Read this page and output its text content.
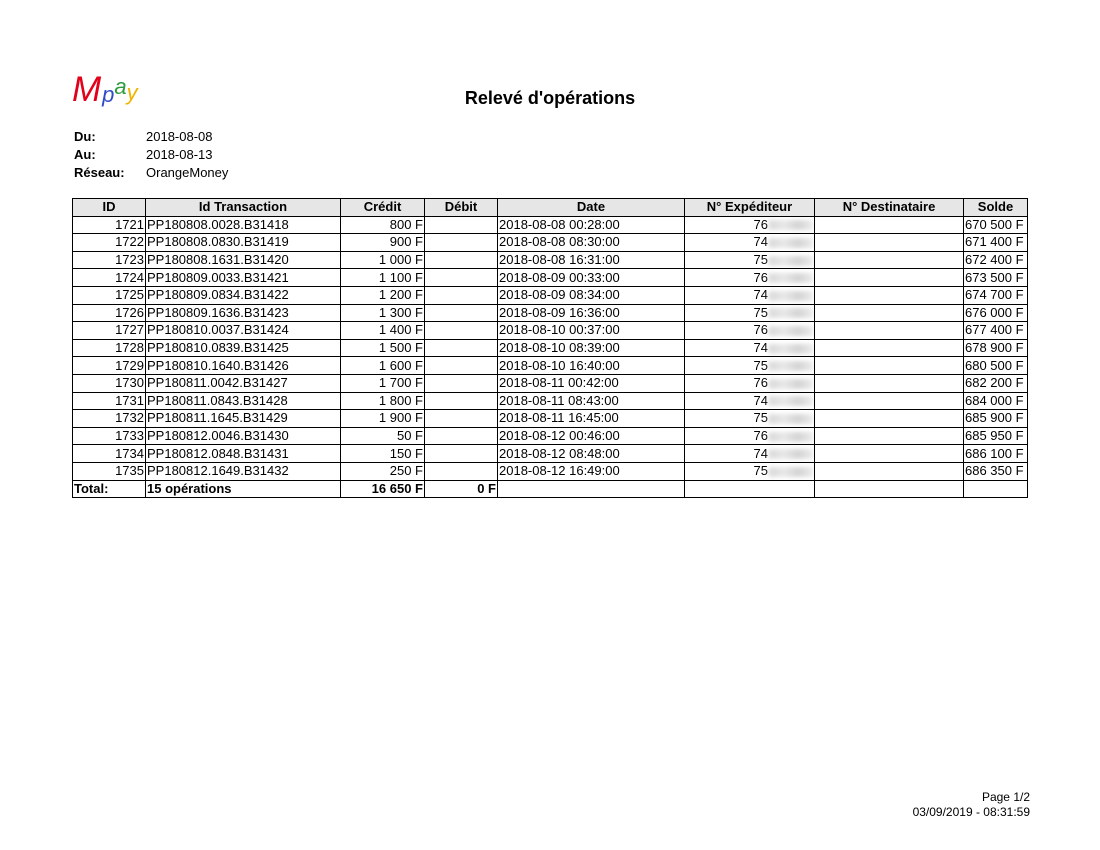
Mpay	Relevé d'opérations
Du:	2018-08-08
Au:	2018-08-13
Réseau: OrangeMoney
ID	Id Transaction	Crédit	Débit	Date	N° Expéditeur	N° Destinataire	Solde
1721	PP180808.0028.B31418	800 F		2018-08-08 00:28:00	76		670 500 F
1722	PP180808.0830.B31419	900 F		2018-08-08 08:30:00	74		671 400 F
1723	PP180808.1631.B31420	1 000 F		2018-08-08 16:31:00	75		672 400 F
1724	PP180809.0033.B31421	1 100 F		2018-08-09 00:33:00	76		673 500 F
1725	PP180809.0834.B31422	1 200 F		2018-08-09 08:34:00	74		674 700 F
1726	PP180809.1636.B31423	1 300 F		2018-08-09 16:36:00	75		676 000 F
1727	PP180810.0037.B31424	1 400 F		2018-08-10 00:37:00	76		677 400 F
1728	PP180810.0839.B31425	1 500 F		2018-08-10 08:39:00	74		678 900 F
1729	PP180810.1640.B31426	1 600 F		2018-08-10 16:40:00	75		680 500 F
1730	PP180811.0042.B31427	1 700 F		2018-08-11 00:42:00	76		682 200 F
1731	PP180811.0843.B31428	1 800 F		2018-08-11 08:43:00	74		684 000 F
1732	PP180811.1645.B31429	1 900 F		2018-08-11 16:45:00	75		685 900 F
1733	PP180812.0046.B31430	50 F		2018-08-12 00:46:00	76		685 950 F
1734	PP180812.0848.B31431	150 F		2018-08-12 08:48:00	74		686 100 F
1735	PP180812.1649.B31432	250 F		2018-08-12 16:49:00	75		686 350 F
Total:	15 opérations	16 650 F	0 F				
Page 1/2
03/09/2019 - 08:31:59
